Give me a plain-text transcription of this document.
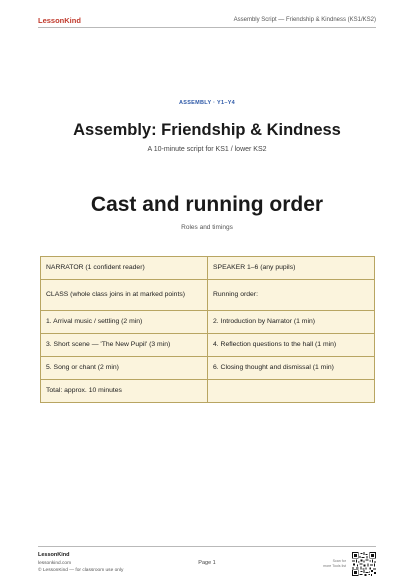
LessonKind	Assembly Script — Friendship & Kindness (KS1/KS2)
ASSEMBLY · Y1–Y4
Assembly: Friendship & Kindness
A 10-minute script for KS1 / lower KS2
Cast and running order
Roles and timings
NARRATOR (1 confident reader)	SPEAKER 1–6 (any pupils)
CLASS (whole class joins in at marked points)	Running order:
1. Arrival music / settling (2 min)	2. Introduction by Narrator (1 min)
3. Short scene — 'The New Pupil' (3 min)	4. Reflection questions to the hall (1 min)
5. Song or chant (2 min)	6. Closing thought and dismissal (1 min)
Total: approx. 10 minutes	
LessonKind
lessonkind.com
© LessonKind — for classroom use only
Page 1	Scan for
more Tools list
